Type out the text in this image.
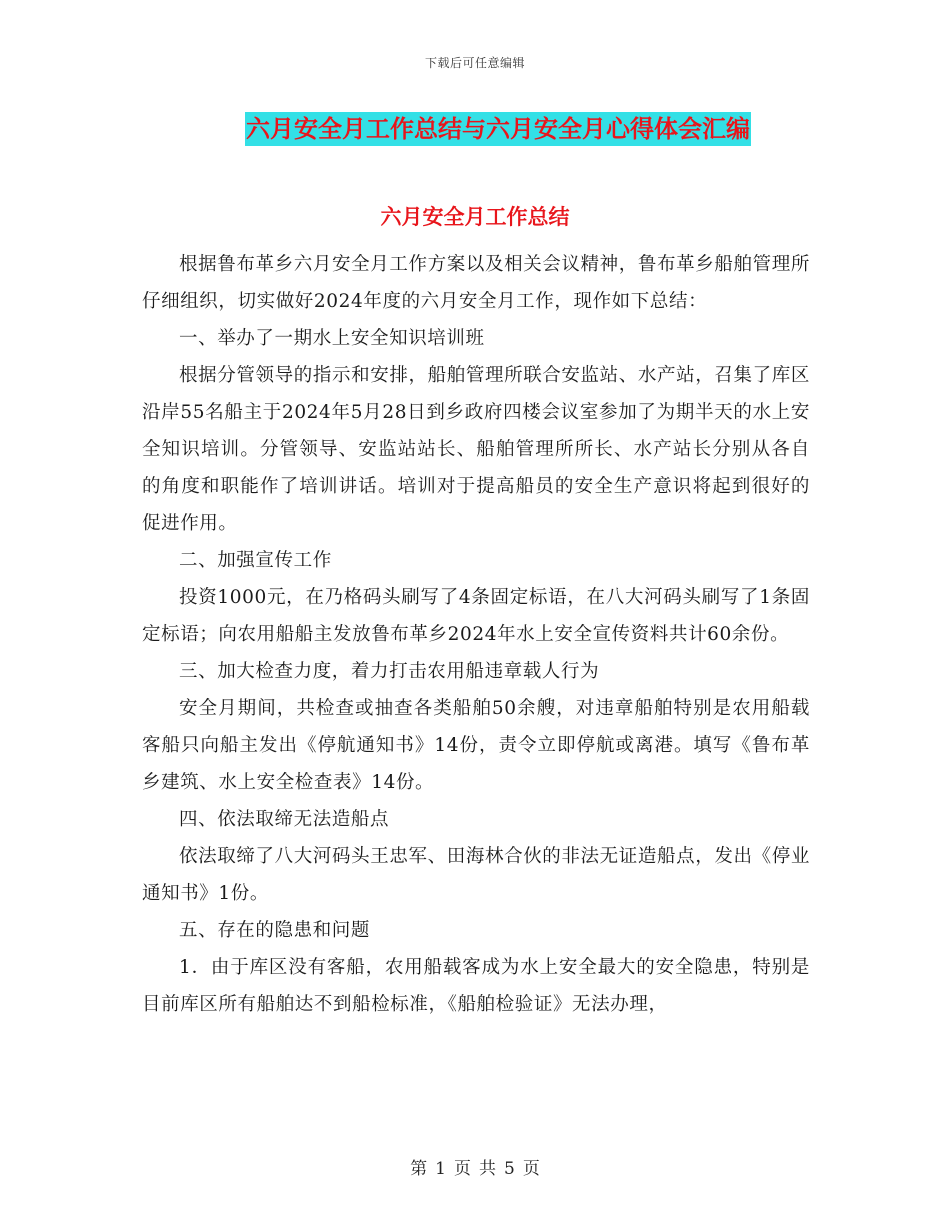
下载后可任意编辑
六月安全月工作总结与六月安全月心得体会汇编
六月安全月工作总结

根据鲁布革乡六月安全月工作方案以及相关会议精神，鲁布革乡船舶管理所仔细组织，切实做好2024年度的六月安全月工作，现作如下总结：

一、举办了一期水上安全知识培训班

根据分管领导的指示和安排，船舶管理所联合安监站、水产站，召集了库区沿岸55名船主于2024年5月28日到乡政府四楼会议室参加了为期半天的水上安全知识培训。分管领导、安监站站长、船舶管理所所长、水产站长分别从各自的角度和职能作了培训讲话。培训对于提高船员的安全生产意识将起到很好的促进作用。

二、加强宣传工作

投资1000元，在乃格码头刷写了4条固定标语，在八大河码头刷写了1条固定标语；向农用船船主发放鲁布革乡2024年水上安全宣传资料共计60余份。

三、加大检查力度，着力打击农用船违章载人行为

安全月期间，共检查或抽查各类船舶50余艘，对违章船舶特别是农用船载客船只向船主发出《停航通知书》14份，责令立即停航或离港。填写《鲁布革乡建筑、水上安全检查表》14份。

四、依法取缔无法造船点

依法取缔了八大河码头王忠军、田海林合伙的非法无证造船点，发出《停业通知书》1份。

五、存在的隐患和问题

1．由于库区没有客船，农用船载客成为水上安全最大的安全隐患，特别是目前库区所有船舶达不到船检标准，《船舶检验证》无法办理，

第 1 页 共 5 页
